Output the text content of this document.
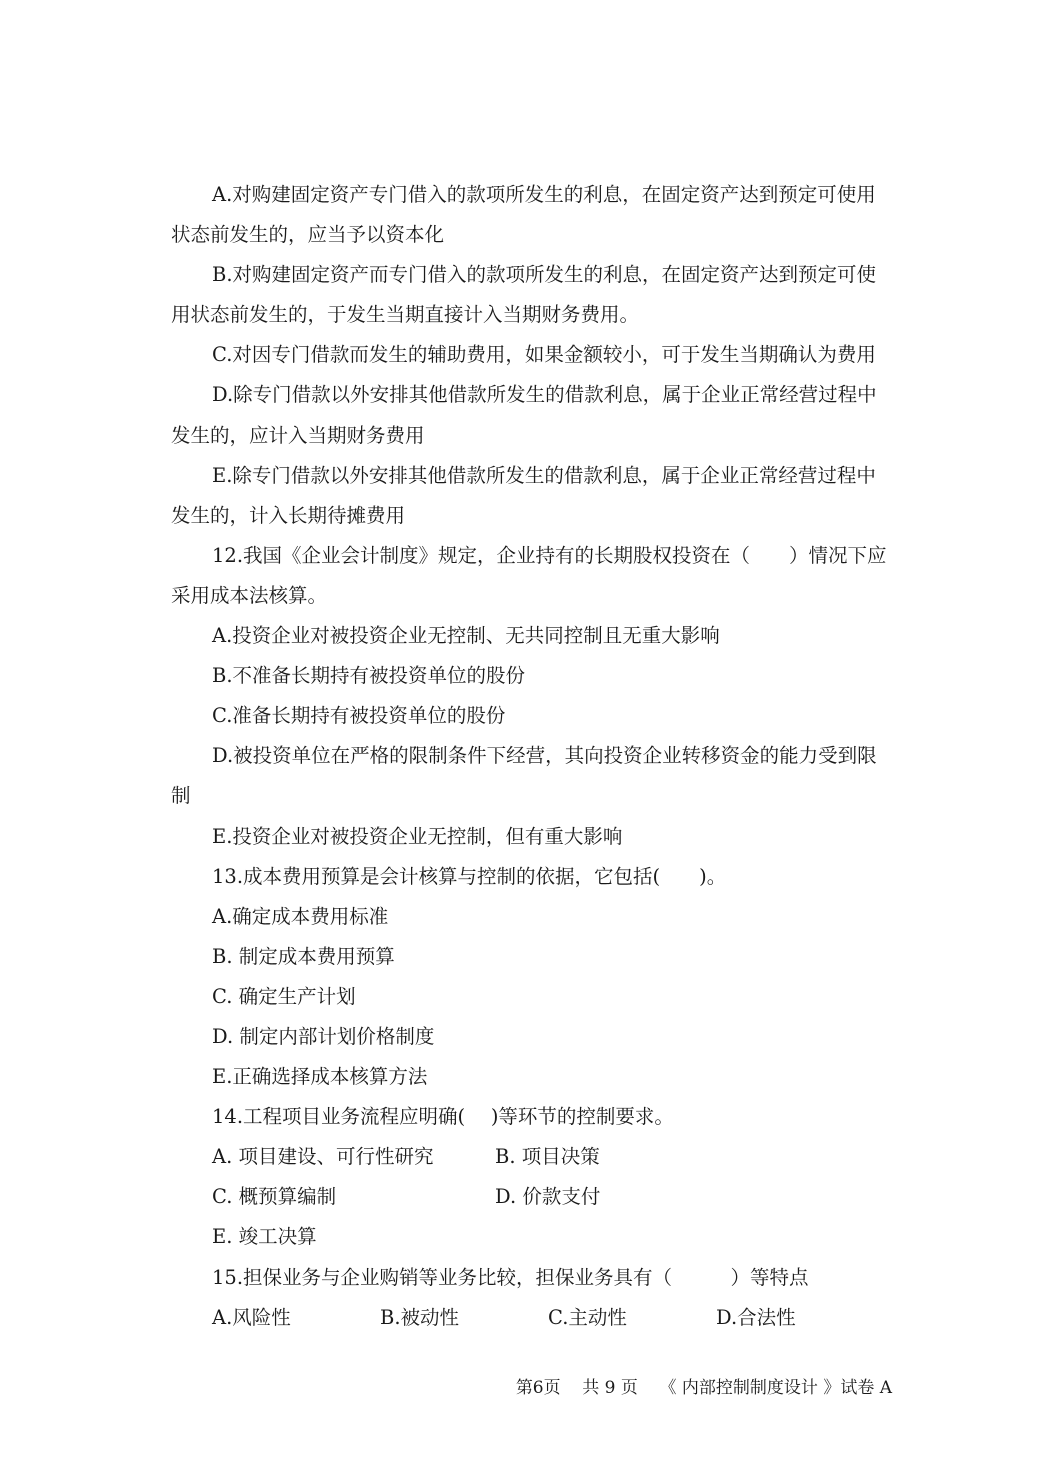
A.对购建固定资产专门借入的款项所发生的利息，在固定资产达到预定可使用
状态前发生的，应当予以资本化
B.对购建固定资产而专门借入的款项所发生的利息，在固定资产达到预定可使
用状态前发生的，于发生当期直接计入当期财务费用。
C.对因专门借款而发生的辅助费用，如果金额较小，可于发生当期确认为费用
D.除专门借款以外安排其他借款所发生的借款利息，属于企业正常经营过程中
发生的，应计入当期财务费用
E.除专门借款以外安排其他借款所发生的借款利息，属于企业正常经营过程中
发生的，计入长期待摊费用
12.我国《企业会计制度》规定，企业持有的长期股权投资在（　　）情况下应
采用成本法核算。
A.投资企业对被投资企业无控制、无共同控制且无重大影响
B.不准备长期持有被投资单位的股份
C.准备长期持有被投资单位的股份
D.被投资单位在严格的限制条件下经营，其向投资企业转移资金的能力受到限
制
E.投资企业对被投资企业无控制，但有重大影响
13.成本费用预算是会计核算与控制的依据，它包括(　　)。
A.确定成本费用标准
B. 制定成本费用预算
C. 确定生产计划
D. 制定内部计划价格制度
E.正确选择成本核算方法
14.工程项目业务流程应明确(　 )等环节的控制要求。
A. 项目建设、可行性研究	B. 项目决策
C. 概预算编制	D. 价款支付
E. 竣工决算
15.担保业务与企业购销等业务比较，担保业务具有（　　　）等特点
A.风险性	B.被动性	C.主动性	D.合法性

第6页 共 9 页 《 内部控制制度设计 》试卷 A
